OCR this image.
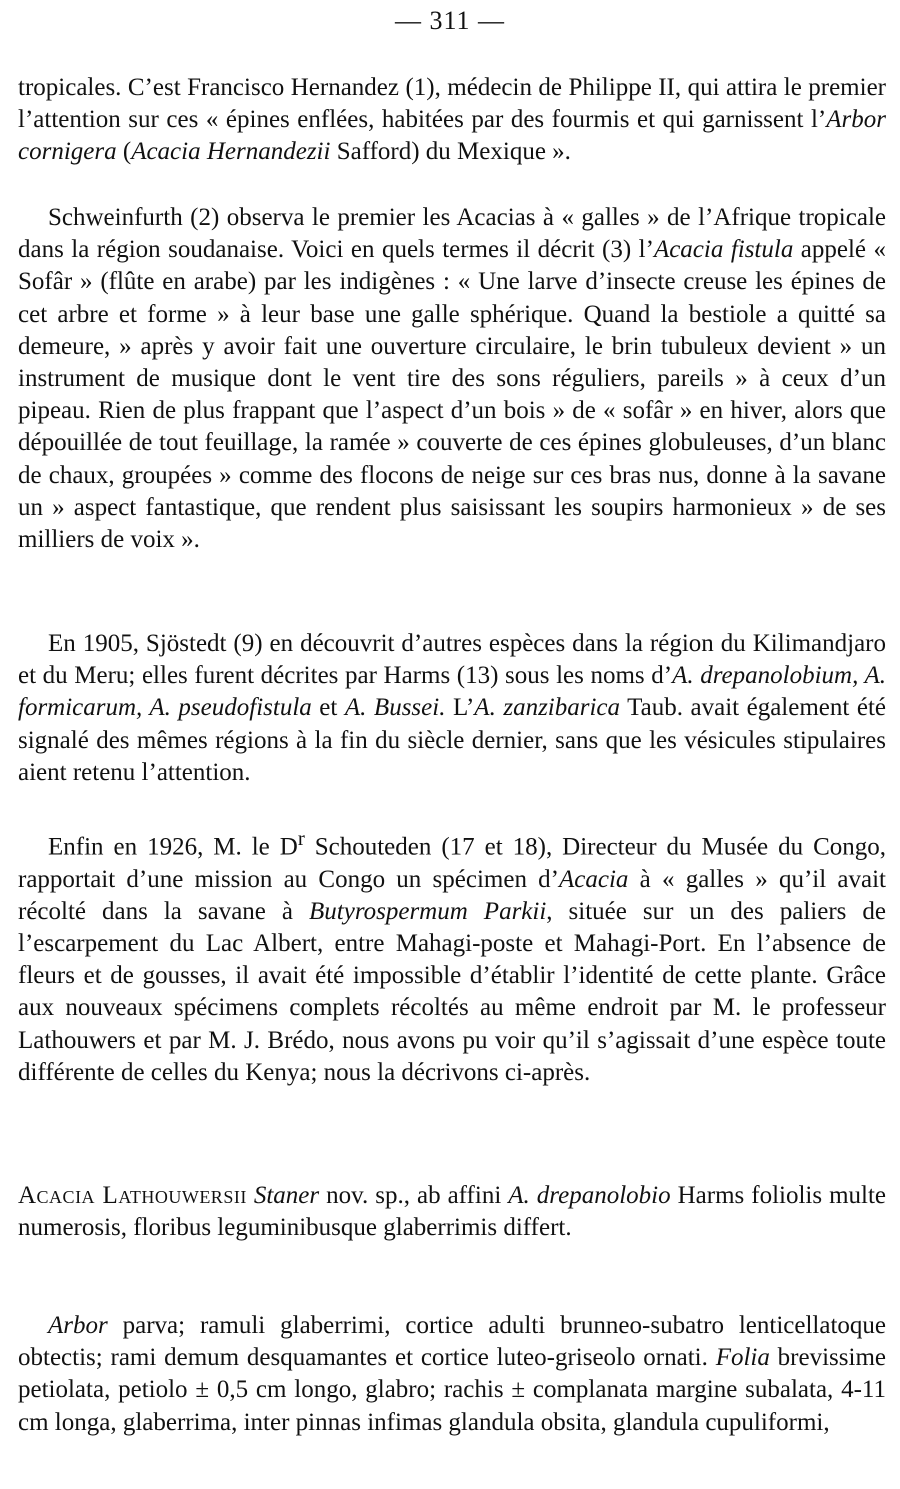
— 311 —

tropicales. C’est Francisco Hernandez (1), médecin de Philippe II, qui attira le premier l’attention sur ces « épines enflées, habitées par des fourmis et qui garnissent l’Arbor cornigera (Acacia Hernandezii Safford) du Mexique ».

Schweinfurth (2) observa le premier les Acacias à « galles » de l’Afrique tropicale dans la région soudanaise. Voici en quels termes il décrit (3) l’Acacia fistula appelé « Sofâr » (flûte en arabe) par les indigènes : « Une larve d’insecte creuse les épines de cet arbre et forme » à leur base une galle sphérique. Quand la bestiole a quitté sa demeure, » après y avoir fait une ouverture circulaire, le brin tubuleux devient » un instrument de musique dont le vent tire des sons réguliers, pareils » à ceux d’un pipeau. Rien de plus frappant que l’aspect d’un bois » de « sofâr » en hiver, alors que dépouillée de tout feuillage, la ramée » couverte de ces épines globuleuses, d’un blanc de chaux, groupées » comme des flocons de neige sur ces bras nus, donne à la savane un » aspect fantastique, que rendent plus saisissant les soupirs harmonieux » de ses milliers de voix ».

En 1905, Sjöstedt (9) en découvrit d’autres espèces dans la région du Kilimandjaro et du Meru; elles furent décrites par Harms (13) sous les noms d’A. drepanolobium, A. formicarum, A. pseudofistula et A. Bussei. L’A. zanzibarica Taub. avait également été signalé des mêmes régions à la fin du siècle dernier, sans que les vésicules stipulaires aient retenu l’attention.

Enfin en 1926, M. le $D^r$ Schouteden (17 et 18), Directeur du Musée du Congo, rapportait d’une mission au Congo un spécimen d’Acacia à « galles » qu’il avait récolté dans la savane à Butyrospermum Parkii, située sur un des paliers de l’escarpement du Lac Albert, entre Mahagi-poste et Mahagi-Port. En l’absence de fleurs et de gousses, il avait été impossible d’établir l’identité de cette plante. Grâce aux nouveaux spécimens complets récoltés au même endroit par M. le professeur Lathouwers et par M. J. Brédo, nous avons pu voir qu’il s’agissait d’une espèce toute différente de celles du Kenya; nous la décrivons ci-après.

Acacia Lathouwersii Staner nov. sp., ab affini A. drepanolobio Harms foliolis multe numerosis, floribus leguminibusque glaberrimis differt.

Arbor parva; ramuli glaberrimi, cortice adulti brunneo-subatro lenticellatoque obtectis; rami demum desquamantes et cortice luteo-griseolo ornati. Folia brevissime petiolata, petiolo ± 0,5 cm longo, glabro; rachis ± complanata margine subalata, 4-11 cm longa, glaberrima, inter pinnas infimas glandula obsita, glandula cupuliformi,
